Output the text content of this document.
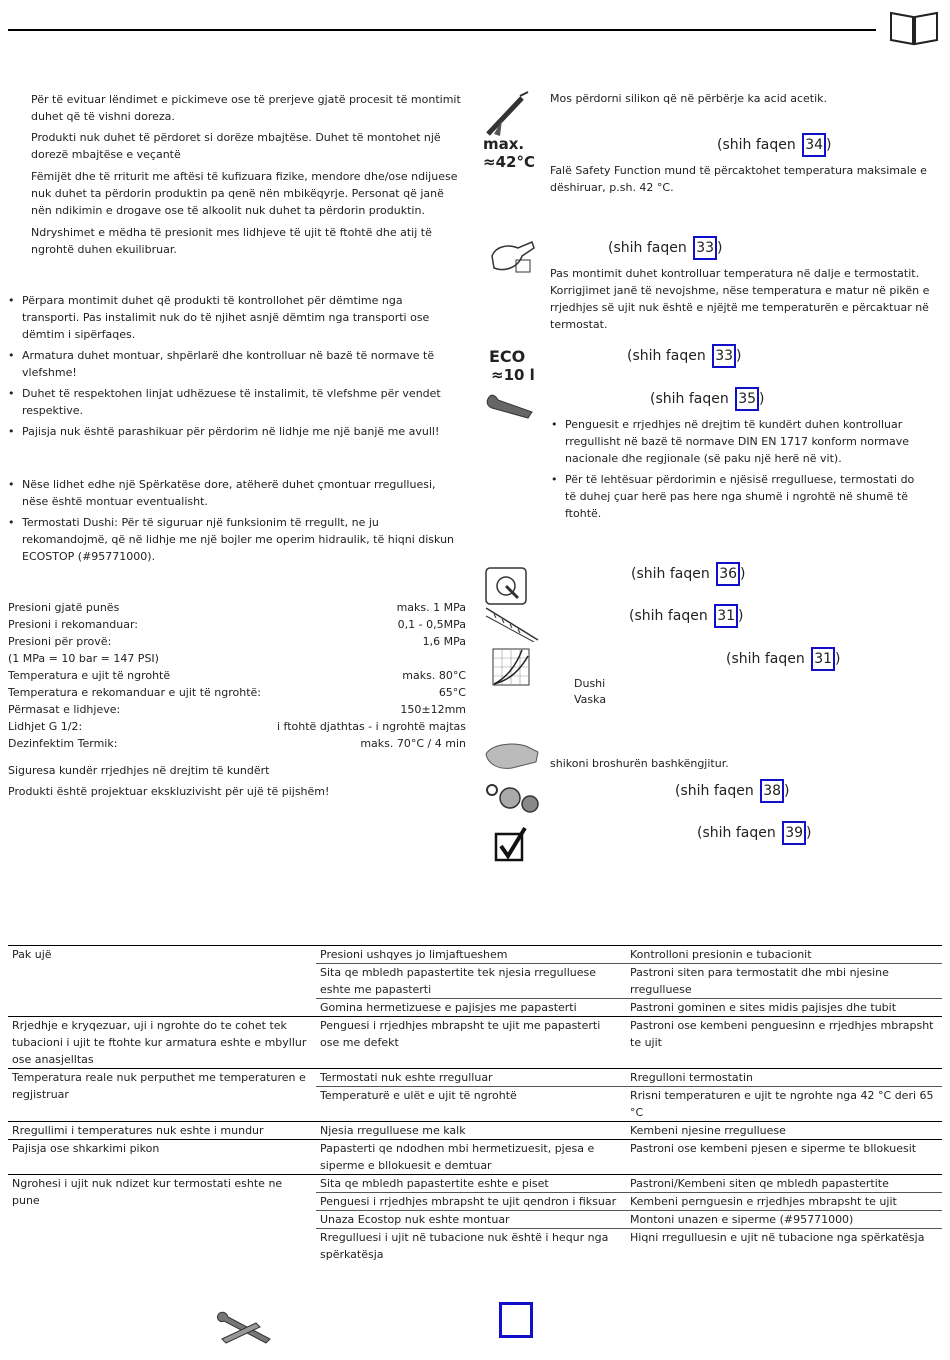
Për të evituar lëndimet e pickimeve ose të prerjeve gjatë procesit të montimit duhet që të vishni doreza.

Produkti nuk duhet të përdoret si dorëze mbajtëse. Duhet të montohet një dorezë mbajtëse e veçantë

Fëmijët dhe të rriturit me aftësi të kufizuara fizike, mendore dhe/ose ndijuese nuk duhet ta përdorin produktin pa qenë nën mbikëqyrje. Personat që janë nën ndikimin e drogave ose të alkoolit nuk duhet ta përdorin produktin.

Ndryshimet e mëdha të presionit mes lidhjeve të ujit të ftohtë dhe atij të ngrohtë duhen ekuilibruar.

• Përpara montimit duhet që produkti të kontrollohet për dëmtime nga transporti. Pas instalimit nuk do të njihet asnjë dëmtim nga transporti ose dëmtim i sipërfaqes.
• Armatura duhet montuar, shpërlarë dhe kontrolluar në bazë të normave të vlefshme!
• Duhet të respektohen linjat udhëzuese të instalimit, të vlefshme për vendet respektive.
• Pajisja nuk është parashikuar për përdorim në lidhje me një banjë me avull!
• Nëse lidhet edhe një Spërkatëse dore, atëherë duhet çmontuar rregulluesi, nëse është montuar eventualisht.
• Termostati Dushi: Për të siguruar një funksionim të rregullt, ne ju rekomandojmë, që në lidhje me një bojler me operim hidraulik, të hiqni diskun ECOSTOP (#95771000).
Presioni gjatë punës	maks. 1 MPa
Presioni i rekomanduar:	0,1 - 0,5MPa
Presioni për provë:	1,6 MPa
(1 MPa = 10 bar = 147 PSI)
Temperatura e ujit të ngrohtë	maks. 80°C
Temperatura e rekomanduar e ujit të ngrohtë:	65°C
Përmasat e lidhjeve:	150±12mm
Lidhjet G 1/2:	i ftohtë djathtas - i ngrohtë majtas
Dezinfektim Termik:	maks. 70°C / 4 min
Siguresa kundër rrjedhjes në drejtim të kundërt
Produkti është projektuar ekskluzivisht për ujë të pijshëm!
Mos përdorni silikon që në përbërje ka acid acetik.
max.
≈42°C
(shih faqen 34 )
Falë Safety Function mund të përcaktohet temperatura maksimale e dëshiruar, p.sh. 42 °C.
(shih faqen 33 )
Pas montimit duhet kontrolluar temperatura në dalje e termostatit. Korrigjimet janë të nevojshme, nëse temperatura e matur në pikën e rrjedhjes së ujit nuk është e njëjtë me temperaturën e përcaktuar në termostat.
ECO
≈10 l
(shih faqen 33 )
(shih faqen 35 )
• Penguesit e rrjedhjes në drejtim të kundërt duhen kontrolluar rregullisht në bazë të normave DIN EN 1717 konform normave nacionale dhe regjionale (së paku një herë në vit).
• Për të lehtësuar përdorimin e njësisë rregulluese, termostati do të duhej çuar herë pas here nga shumë i ngrohtë në shumë të ftohtë.
(shih faqen 36 )
(shih faqen 31 )
(shih faqen 31 )
Dushi
Vaska
shikoni broshurën bashkëngjitur.
(shih faqen 38 )
(shih faqen 39 )
Pak ujë	Presioni ushqyes jo limjaftueshem	Kontrolloni presionin e tubacionit
	Sita qe mbledh papastertite tek njesia rregulluese eshte me papasterti	Pastroni siten para termostatit dhe mbi njesine rregulluese
	Gomina hermetizuese e pajisjes me papasterti	Pastroni gominen e sites midis pajisjes dhe tubit
Rrjedhje e kryqezuar, uji i ngrohte do te cohet tek tubacioni i ujit te ftohte kur armatura eshte e mbyllur ose anasjelltas	Penguesi i rrjedhjes mbrapsht te ujit me papasterti ose me defekt	Pastroni ose kembeni penguesinn e rrjedhjes mbrapsht te ujit
Temperatura reale nuk perputhet me temperaturen e regjistruar	Termostati nuk eshte rregulluar	Rregulloni termostatin
	Temperaturë e ulët e ujit të ngrohtë	Rrisni temperaturen e ujit te ngrohte nga 42 °C deri 65 °C
Rregullimi i temperatures nuk eshte i mundur	Njesia rregulluese me kalk	Kembeni njesine rregulluese
Pajisja ose shkarkimi pikon	Papasterti qe ndodhen mbi hermetizuesit, pjesa e siperme e bllokuesit e demtuar	Pastroni ose kembeni pjesen e siperme te bllokuesit
Ngrohesi i ujit nuk ndizet kur termostati eshte ne pune	Sita qe mbledh papastertite eshte e piset	Pastroni/Kembeni siten qe mbledh papastertite
	Penguesi i rrjedhjes mbrapsht te ujit qendron i fiksuar	Kembeni pernguesin e rrjedhjes mbrapsht te ujit
	Unaza Ecostop nuk eshte montuar	Montoni unazen e siperme (#95771000)
	Rregulluesi i ujit në tubacione nuk është i hequr nga spërkatësja	Hiqni rregulluesin e ujit në tubacione nga spërkatësja
